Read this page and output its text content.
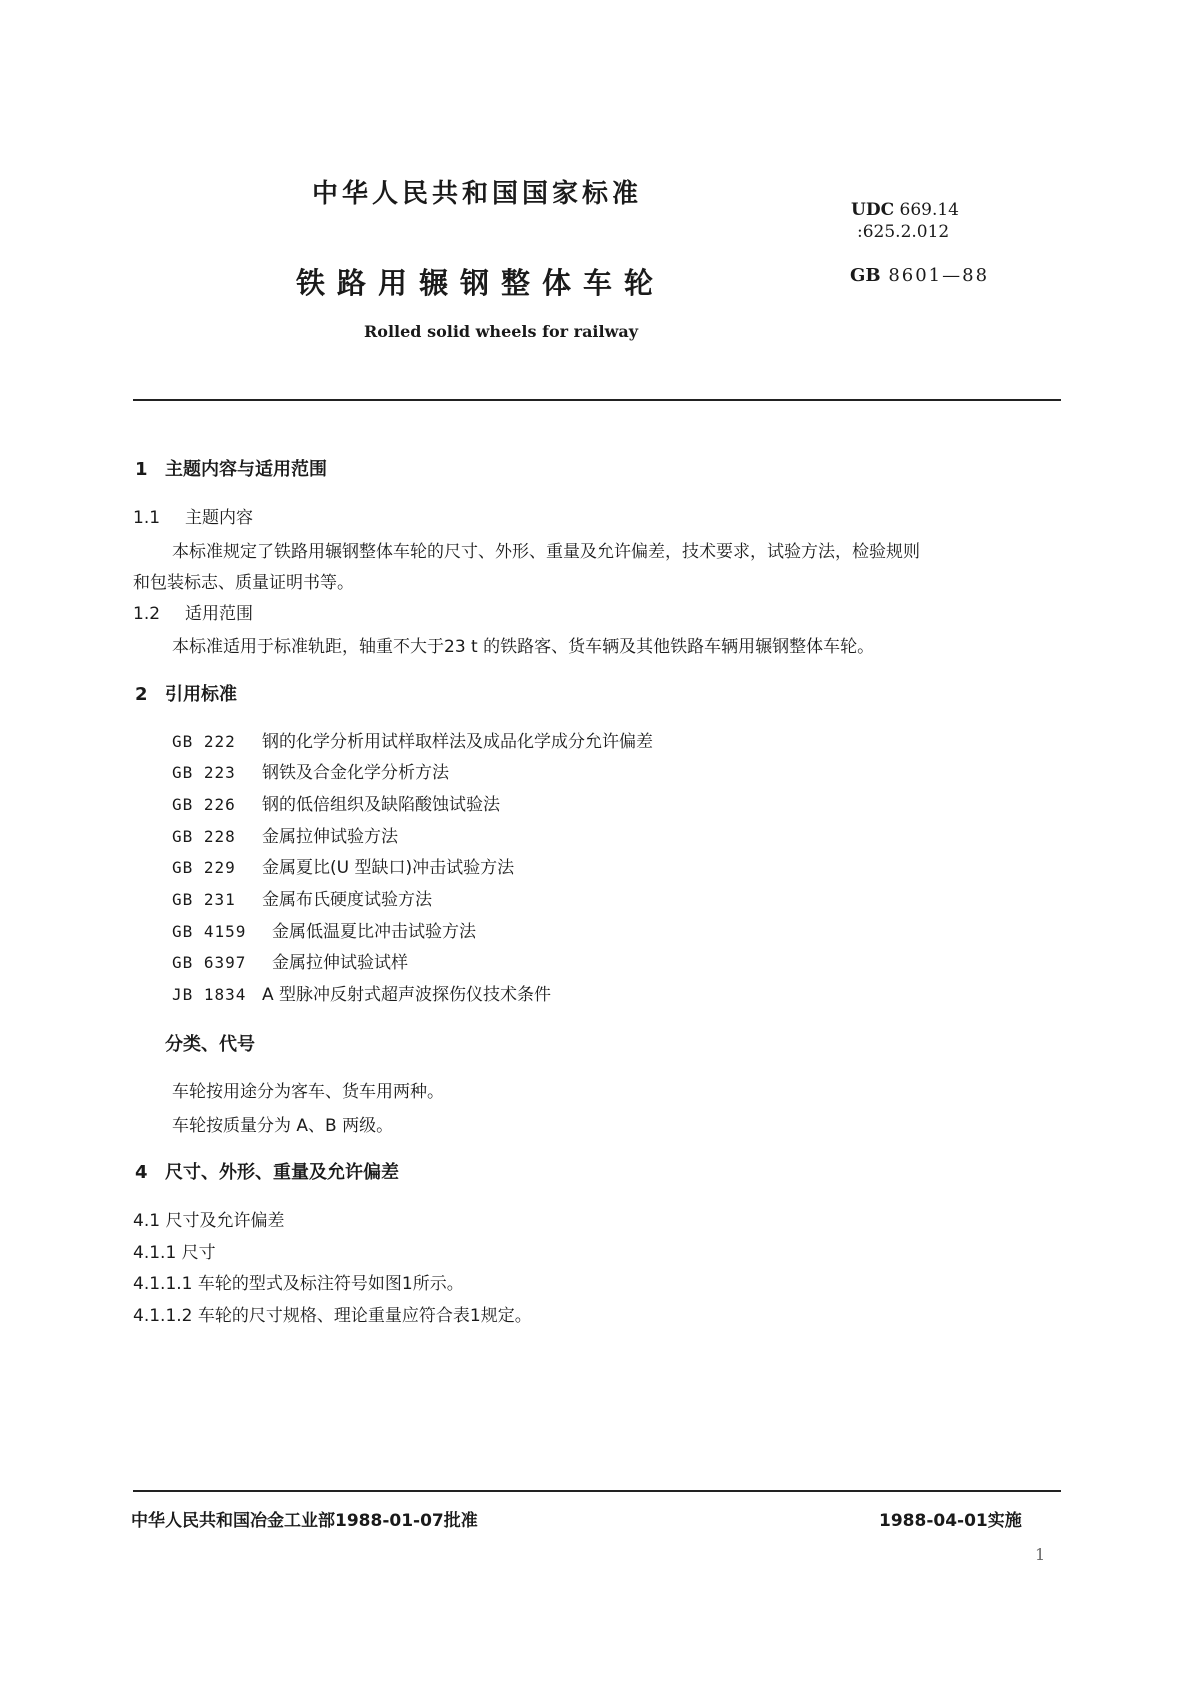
中华人民共和国国家标准
UDC 669.14
:625.2.012
铁路用辗钢整体车轮	GB 8601—88
Rolled solid wheels for railway
1 主题内容与适用范围
1.1 主题内容
本标准规定了铁路用辗钢整体车轮的尺寸、外形、重量及允许偏差，技术要求，试验方法，检验规则
和包装标志、质量证明书等。
1.2 适用范围
本标准适用于标准轨距，轴重不大于23 t 的铁路客、货车辆及其他铁路车辆用辗钢整体车轮。
2 引用标准
GB 222 钢的化学分析用试样取样法及成品化学成分允许偏差
GB 223 钢铁及合金化学分析方法
GB 226 钢的低倍组织及缺陷酸蚀试验法
GB 228 金属拉伸试验方法
GB 229 金属夏比(U 型缺口)冲击试验方法
GB 231 金属布氏硬度试验方法
GB 4159 金属低温夏比冲击试验方法
GB 6397 金属拉伸试验试样
JB 1834 A 型脉冲反射式超声波探伤仪技术条件
分类、代号
车轮按用途分为客车、货车用两种。
车轮按质量分为 A、B 两级。
4 尺寸、外形、重量及允许偏差
4.1 尺寸及允许偏差
4.1.1 尺寸
4.1.1.1 车轮的型式及标注符号如图1所示。
4.1.1.2 车轮的尺寸规格、理论重量应符合表1规定。
中华人民共和国冶金工业部1988-01-07批准	1988-04-01实施
1
